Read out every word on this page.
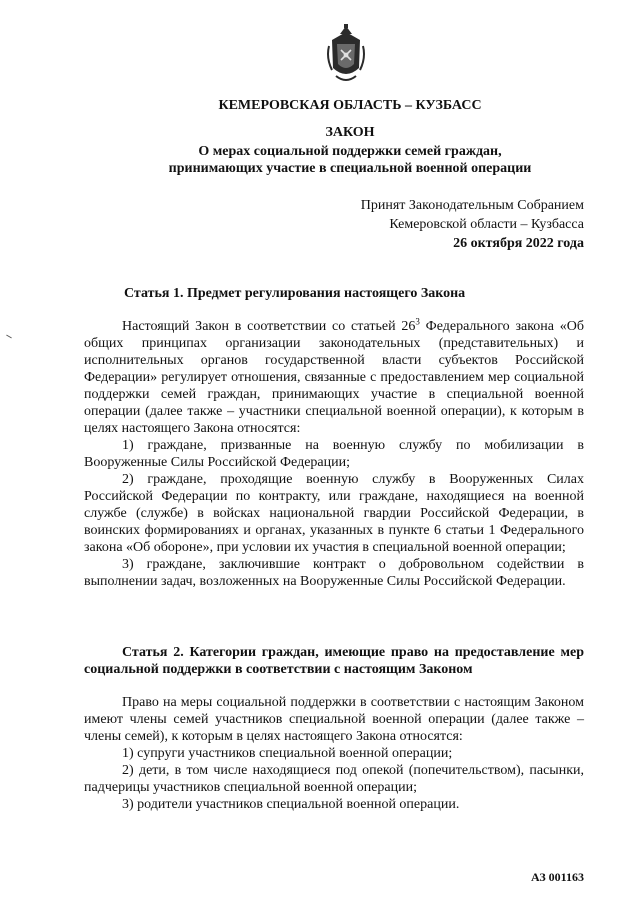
КЕМЕРОВСКАЯ ОБЛАСТЬ – КУЗБАСС
ЗАКОН
О мерах социальной поддержки семей граждан,
принимающих участие в специальной военной операции
Принят Законодательным Собранием
Кемеровской области – Кузбасса
26 октября 2022 года
Статья 1. Предмет регулирования настоящего Закона

Настоящий Закон в соответствии со статьей $26^3$ Федерального закона «Об общих принципах организации законодательных (представительных) и исполнительных органов государственной власти субъектов Российской Федерации» регулирует отношения, связанные с предоставлением мер социальной поддержки семей граждан, принимающих участие в специальной военной операции (далее также – участники специальной военной операции), к которым в целях настоящего Закона относятся:

1) граждане, призванные на военную службу по мобилизации в Вооруженные Силы Российской Федерации;

2) граждане, проходящие военную службу в Вооруженных Силах Российской Федерации по контракту, или граждане, находящиеся на военной службе (службе) в войсках национальной гвардии Российской Федерации, в воинских формированиях и органах, указанных в пункте 6 статьи 1 Федерального закона «Об обороне», при условии их участия в специальной военной операции;

3) граждане, заключившие контракт о добровольном содействии в выполнении задач, возложенных на Вооруженные Силы Российской Федерации.

Статья 2. Категории граждан, имеющие право на предоставление мер социальной поддержки в соответствии с настоящим Законом

Право на меры социальной поддержки в соответствии с настоящим Законом имеют члены семей участников специальной военной операции (далее также – члены семей), к которым в целях настоящего Закона относятся:

1) супруги участников специальной военной операции;

2) дети, в том числе находящиеся под опекой (попечительством), пасынки, падчерицы участников специальной военной операции;

3) родители участников специальной военной операции.

АЗ 001163
